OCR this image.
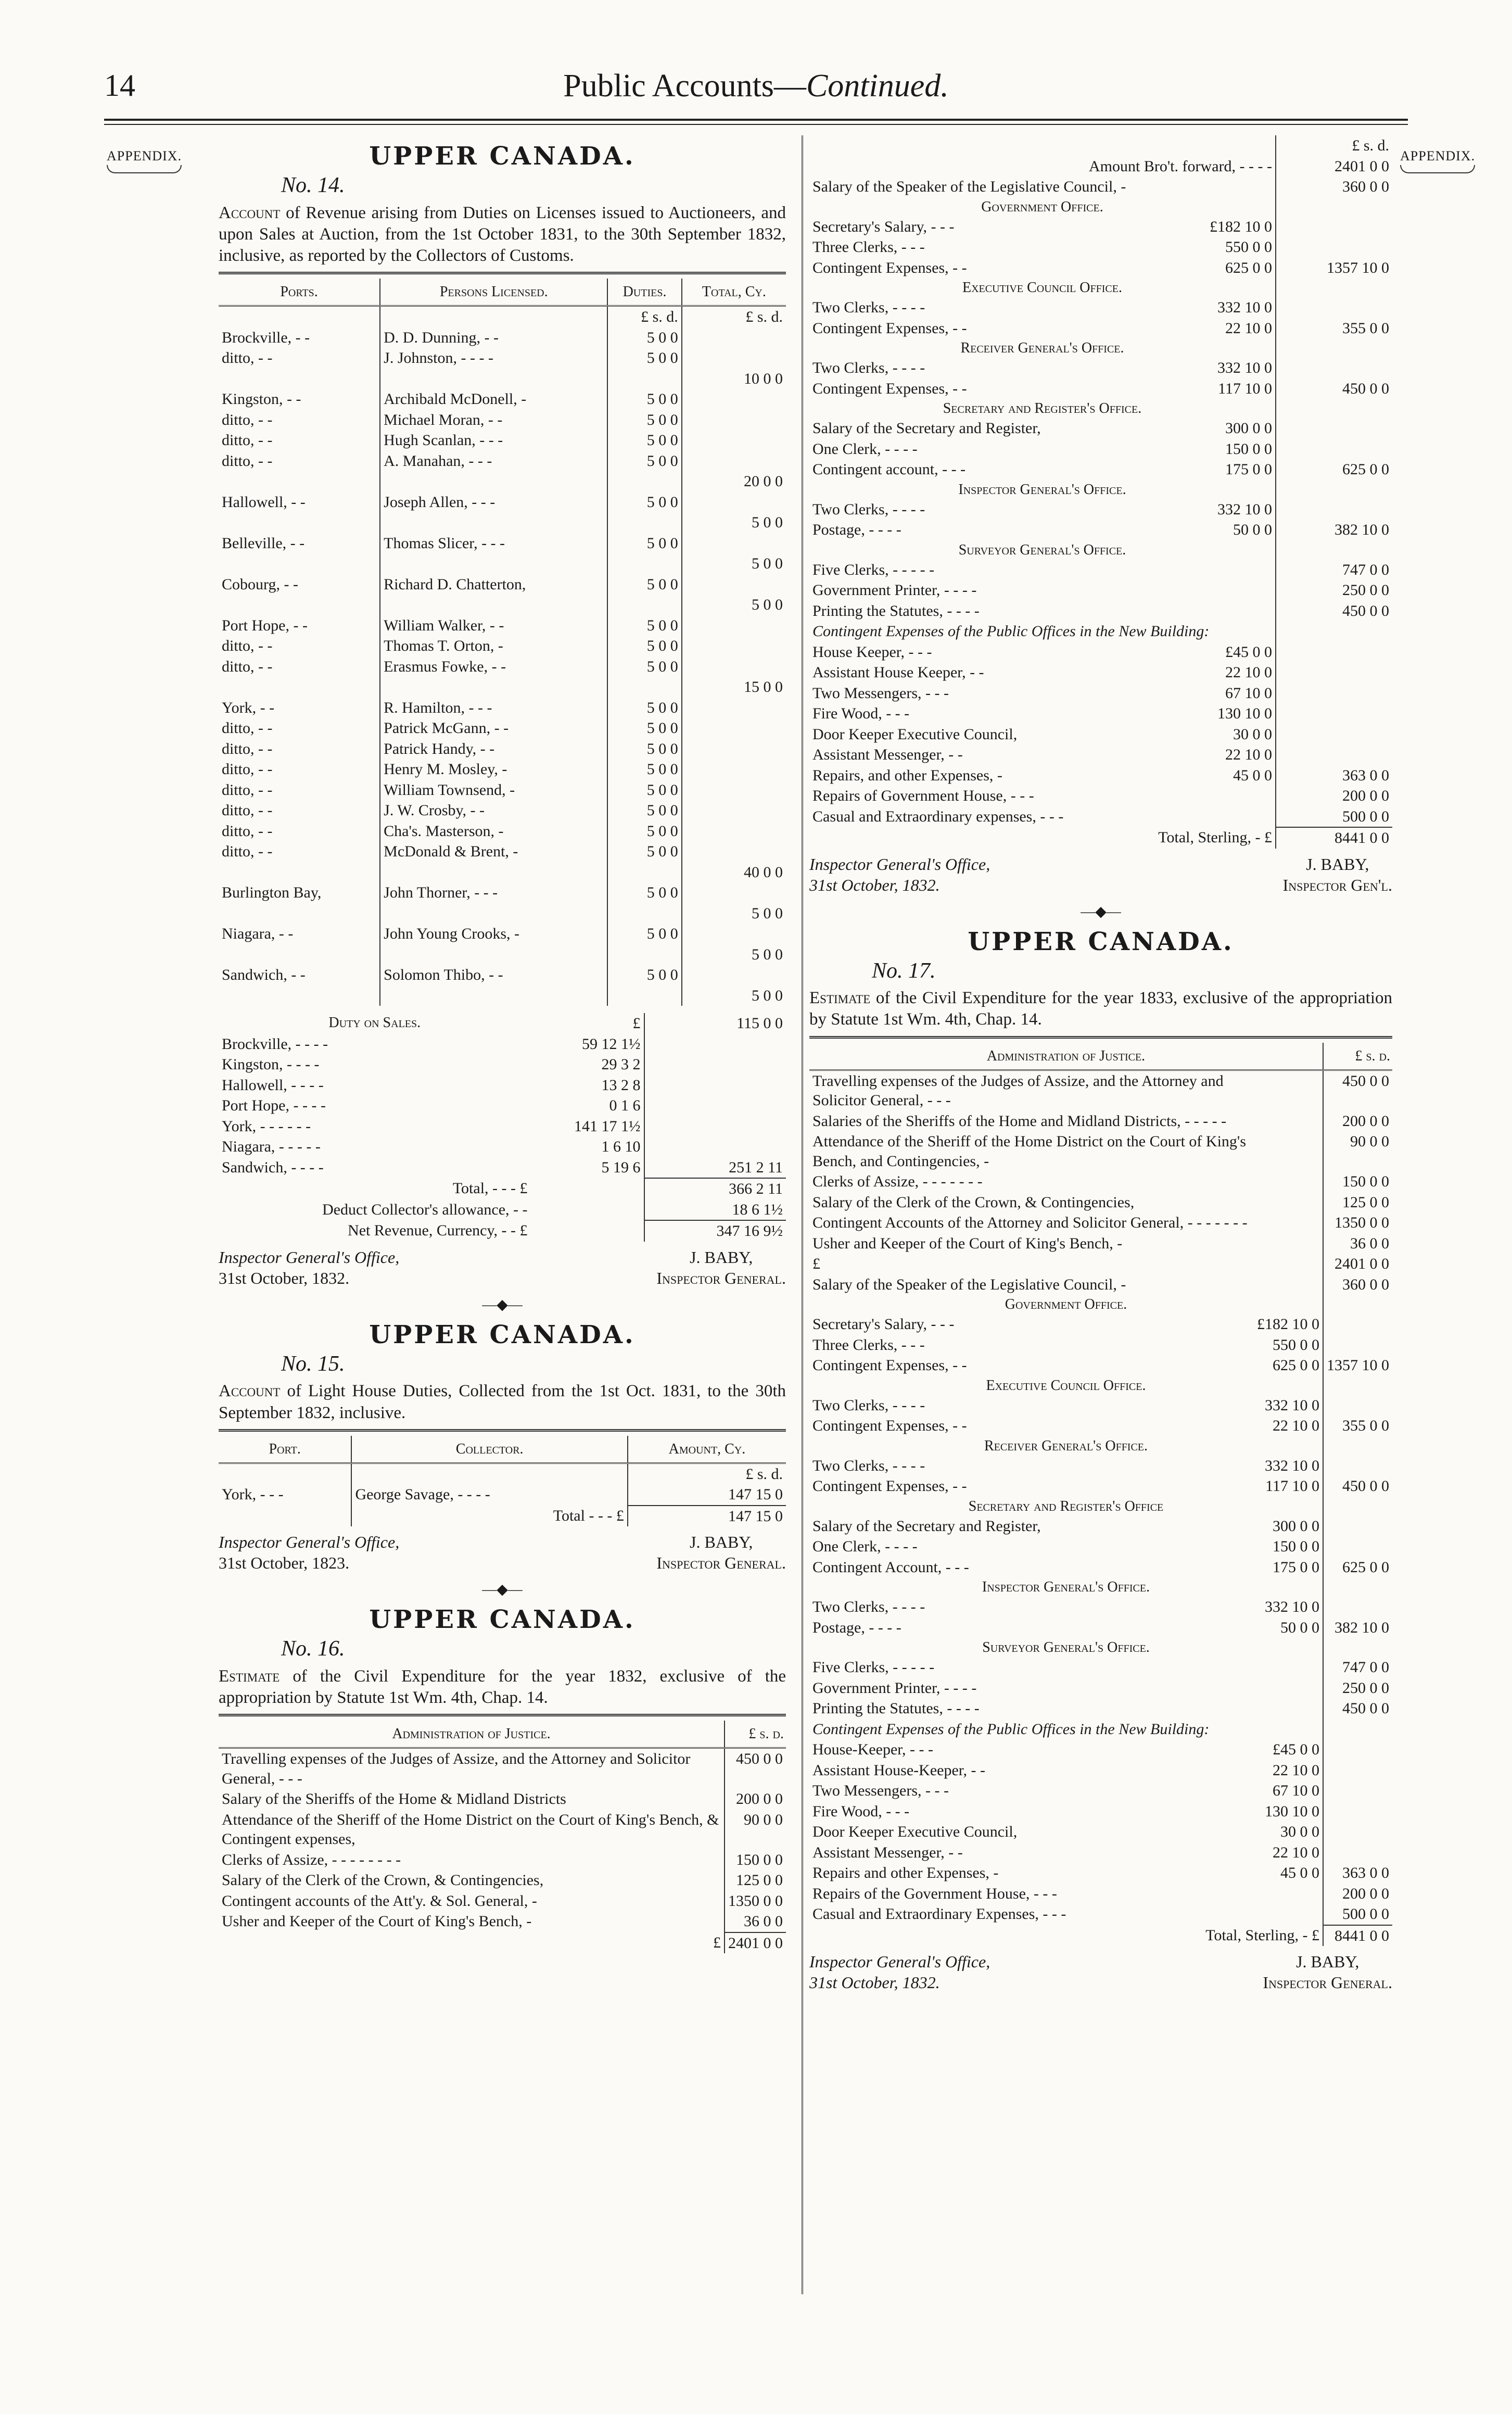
14	Public Accounts—Continued.
APPENDIX.	APPENDIX.
UPPER CANADA.
No. 14.

Account of Revenue arising from Duties on Licenses issued to Auctioneers, and upon Sales at Auction, from the 1st October 1831, to the 30th September 1832, inclusive, as reported by the Collectors of Customs.

Ports.	Persons Licensed.	Duties.	Total, Cy.
		£ s. d.	£ s. d.
Brockville, - -	D. D. Dunning, - -	5 0 0	
ditto, - -	J. Johnston, - - - -	5 0 0	
			10 0 0
Kingston, - -	Archibald McDonell, -	5 0 0	
ditto, - -	Michael Moran, - -	5 0 0	
ditto, - -	Hugh Scanlan, - - -	5 0 0	
ditto, - -	A. Manahan, - - -	5 0 0	
			20 0 0
Hallowell, - -	Joseph Allen, - - -	5 0 0	
			5 0 0
Belleville, - -	Thomas Slicer, - - -	5 0 0	
			5 0 0
Cobourg, - -	Richard D. Chatterton,	5 0 0	
			5 0 0
Port Hope, - -	William Walker, - -	5 0 0	
ditto, - -	Thomas T. Orton, -	5 0 0	
ditto, - -	Erasmus Fowke, - -	5 0 0	
			15 0 0
York, - -	R. Hamilton, - - -	5 0 0	
ditto, - -	Patrick McGann, - -	5 0 0	
ditto, - -	Patrick Handy, - -	5 0 0	
ditto, - -	Henry M. Mosley, -	5 0 0	
ditto, - -	William Townsend, -	5 0 0	
ditto, - -	J. W. Crosby, - -	5 0 0	
ditto, - -	Cha's. Masterson, -	5 0 0	
ditto, - -	McDonald & Brent, -	5 0 0	
			40 0 0
Burlington Bay,	John Thorner, - - -	5 0 0	
			5 0 0
Niagara, - -	John Young Crooks, -	5 0 0	
			5 0 0
Sandwich, - -	Solomon Thibo, - -	5 0 0	
			5 0 0
Duty on Sales.	£	115 0 0
Brockville, - - - -	59 12 1½	
Kingston, - - - -	29 3 2	
Hallowell, - - - -	13 2 8	
Port Hope, - - - -	0 1 6	
York, - - - - - -	141 17 1½	
Niagara, - - - - -	1 6 10	
Sandwich, - - - -	5 19 6	251 2 11
Total, - - - £		366 2 11
Deduct Collector's allowance, - -		18 6 1½
Net Revenue, Currency, - - £		347 16 9½
Inspector General's Office,
31st October, 1832.
J. BABY,
Inspector General.
—◆—
UPPER CANADA.
No. 15.

Account of Light House Duties, Collected from the 1st Oct. 1831, to the 30th September 1832, inclusive.

Port.	Collector.	Amount, Cy.
		£ s. d.
York, - - -	George Savage, - - - -	147 15 0
	Total - - - £	147 15 0
Inspector General's Office,
31st October, 1823.
J. BABY,
Inspector General.
—◆—
UPPER CANADA.
No. 16.

Estimate of the Civil Expenditure for the year 1832, exclusive of the appropriation by Statute 1st Wm. 4th, Chap. 14.

Administration of Justice.	£ s. d.
Travelling expenses of the Judges of Assize, and the Attorney and Solicitor General, - - -	450 0 0
Salary of the Sheriffs of the Home & Midland Districts	200 0 0
Attendance of the Sheriff of the Home District on the Court of King's Bench, & Contingent expenses,	90 0 0
Clerks of Assize, - - - - - - - -	150 0 0
Salary of the Clerk of the Crown, & Contingencies,	125 0 0
Contingent accounts of the Att'y. & Sol. General, -	1350 0 0
Usher and Keeper of the Court of King's Bench, -	36 0 0
£	2401 0 0
		£ s. d.
Amount Bro't. forward, - - - -		2401 0 0
Salary of the Speaker of the Legislative Council, -		360 0 0
Government Office.		
Secretary's Salary, - - -	£182 10 0	
Three Clerks, - - -	550 0 0	
Contingent Expenses, - -	625 0 0	1357 10 0
Executive Council Office.		
Two Clerks, - - - -	332 10 0	
Contingent Expenses, - -	22 10 0	355 0 0
Receiver General's Office.		
Two Clerks, - - - -	332 10 0	
Contingent Expenses, - -	117 10 0	450 0 0
Secretary and Register's Office.		
Salary of the Secretary and Register,	300 0 0	
One Clerk, - - - -	150 0 0	
Contingent account, - - -	175 0 0	625 0 0
Inspector General's Office.		
Two Clerks, - - - -	332 10 0	
Postage, - - - -	50 0 0	382 10 0
Surveyor General's Office.		
Five Clerks, - - - - -		747 0 0
Government Printer, - - - -		250 0 0
Printing the Statutes, - - - -		450 0 0
Contingent Expenses of the Public Offices in the New Building:		
House Keeper, - - -	£45 0 0	
Assistant House Keeper, - -	22 10 0	
Two Messengers, - - -	67 10 0	
Fire Wood, - - -	130 10 0	
Door Keeper Executive Council,	30 0 0	
Assistant Messenger, - -	22 10 0	
Repairs, and other Expenses, -	45 0 0	363 0 0
Repairs of Government House, - - -		200 0 0
Casual and Extraordinary expenses, - - -		500 0 0
Total, Sterling, - £		8441 0 0
Inspector General's Office,
31st October, 1832.
J. BABY,
Inspector Gen'l.
—◆—
UPPER CANADA.
No. 17.

Estimate of the Civil Expenditure for the year 1833, exclusive of the appropriation by Statute 1st Wm. 4th, Chap. 14.

Administration of Justice.		£ s. d.
Travelling expenses of the Judges of Assize, and the Attorney and Solicitor General, - - -		450 0 0
Salaries of the Sheriffs of the Home and Midland Districts, - - - - -		200 0 0
Attendance of the Sheriff of the Home District on the Court of King's Bench, and Contingencies, -		90 0 0
Clerks of Assize, - - - - - - -		150 0 0
Salary of the Clerk of the Crown, & Contingencies,		125 0 0
Contingent Accounts of the Attorney and Solicitor General, - - - - - - -		1350 0 0
Usher and Keeper of the Court of King's Bench, -		36 0 0
£		2401 0 0
Salary of the Speaker of the Legislative Council, -		360 0 0
Government Office.		
Secretary's Salary, - - -	£182 10 0	
Three Clerks, - - -	550 0 0	
Contingent Expenses, - -	625 0 0	1357 10 0
Executive Council Office.		
Two Clerks, - - - -	332 10 0	
Contingent Expenses, - -	22 10 0	355 0 0
Receiver General's Office.		
Two Clerks, - - - -	332 10 0	
Contingent Expenses, - -	117 10 0	450 0 0
Secretary and Register's Office		
Salary of the Secretary and Register,	300 0 0	
One Clerk, - - - -	150 0 0	
Contingent Account, - - -	175 0 0	625 0 0
Inspector General's Office.		
Two Clerks, - - - -	332 10 0	
Postage, - - - -	50 0 0	382 10 0
Surveyor General's Office.		
Five Clerks, - - - - -		747 0 0
Government Printer, - - - -		250 0 0
Printing the Statutes, - - - -		450 0 0
Contingent Expenses of the Public Offices in the New Building:		
House-Keeper, - - -	£45 0 0	
Assistant House-Keeper, - -	22 10 0	
Two Messengers, - - -	67 10 0	
Fire Wood, - - -	130 10 0	
Door Keeper Executive Council,	30 0 0	
Assistant Messenger, - -	22 10 0	
Repairs and other Expenses, -	45 0 0	363 0 0
Repairs of the Government House, - - -		200 0 0
Casual and Extraordinary Expenses, - - -		500 0 0
Total, Sterling, - £		8441 0 0
Inspector General's Office,
31st October, 1832.
J. BABY,
Inspector General.
